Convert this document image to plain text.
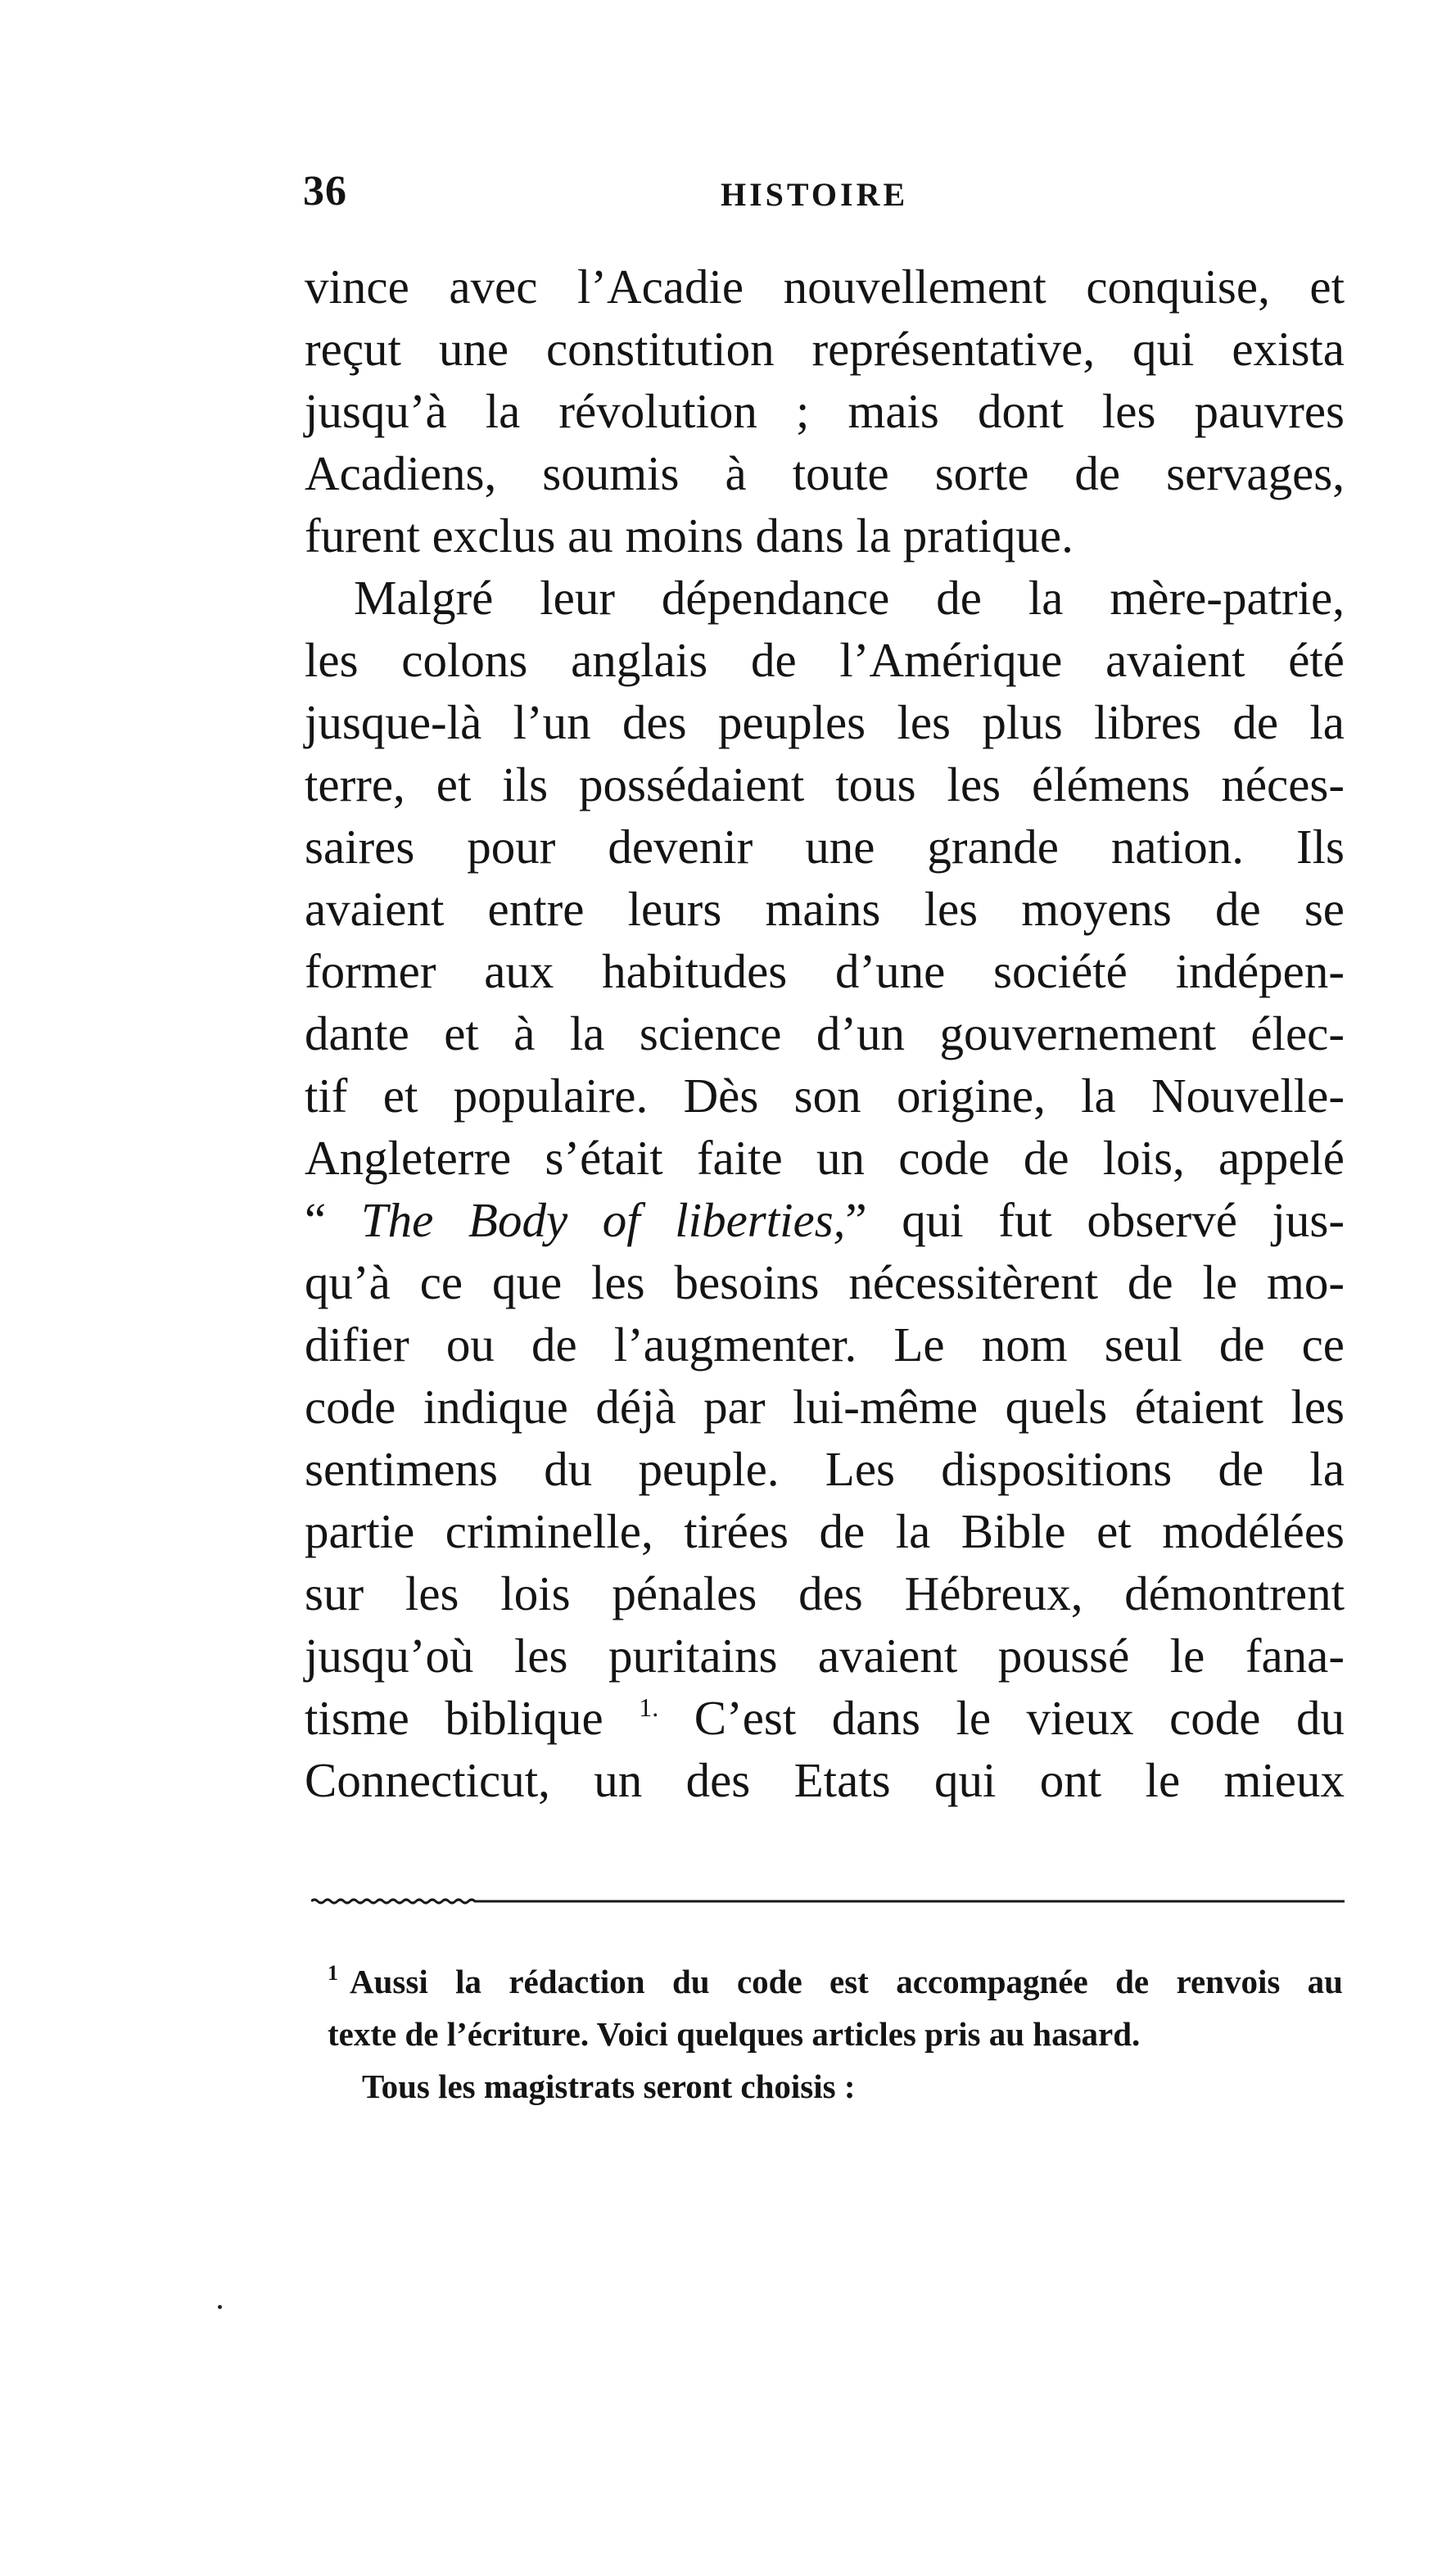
36	HISTOIRE
vince avec l’Acadie nouvellement conquise, et
reçut une constitution représentative, qui exista
jusqu’à la révolution ; mais dont les pauvres
Acadiens, soumis à toute sorte de servages,
furent exclus au moins dans la pratique.
Malgré leur dépendance de la mère-patrie,
les colons anglais de l’Amérique avaient été
jusque-là l’un des peuples les plus libres de la
terre, et ils possédaient tous les élémens néces-
saires pour devenir une grande nation. Ils
avaient entre leurs mains les moyens de se
former aux habitudes d’une société indépen-
dante et à la science d’un gouvernement élec-
tif et populaire. Dès son origine, la Nouvelle-
Angleterre s’était faite un code de lois, appelé
“ The Body of liberties,” qui fut observé jus-
qu’à ce que les besoins nécessitèrent de le mo-
difier ou de l’augmenter. Le nom seul de ce
code indique déjà par lui-même quels étaient les
sentimens du peuple. Les dispositions de la
partie criminelle, tirées de la Bible et modélées
sur les lois pénales des Hébreux, démontrent
jusqu’où les puritains avaient poussé le fana-
tisme biblique $^{1.}$ C’est dans le vieux code du
Connecticut, un des Etats qui ont le mieux
$^1$ Aussi la rédaction du code est accompagnée de renvois au
texte de l’écriture. Voici quelques articles pris au hasard.
Tous les magistrats seront choisis :
